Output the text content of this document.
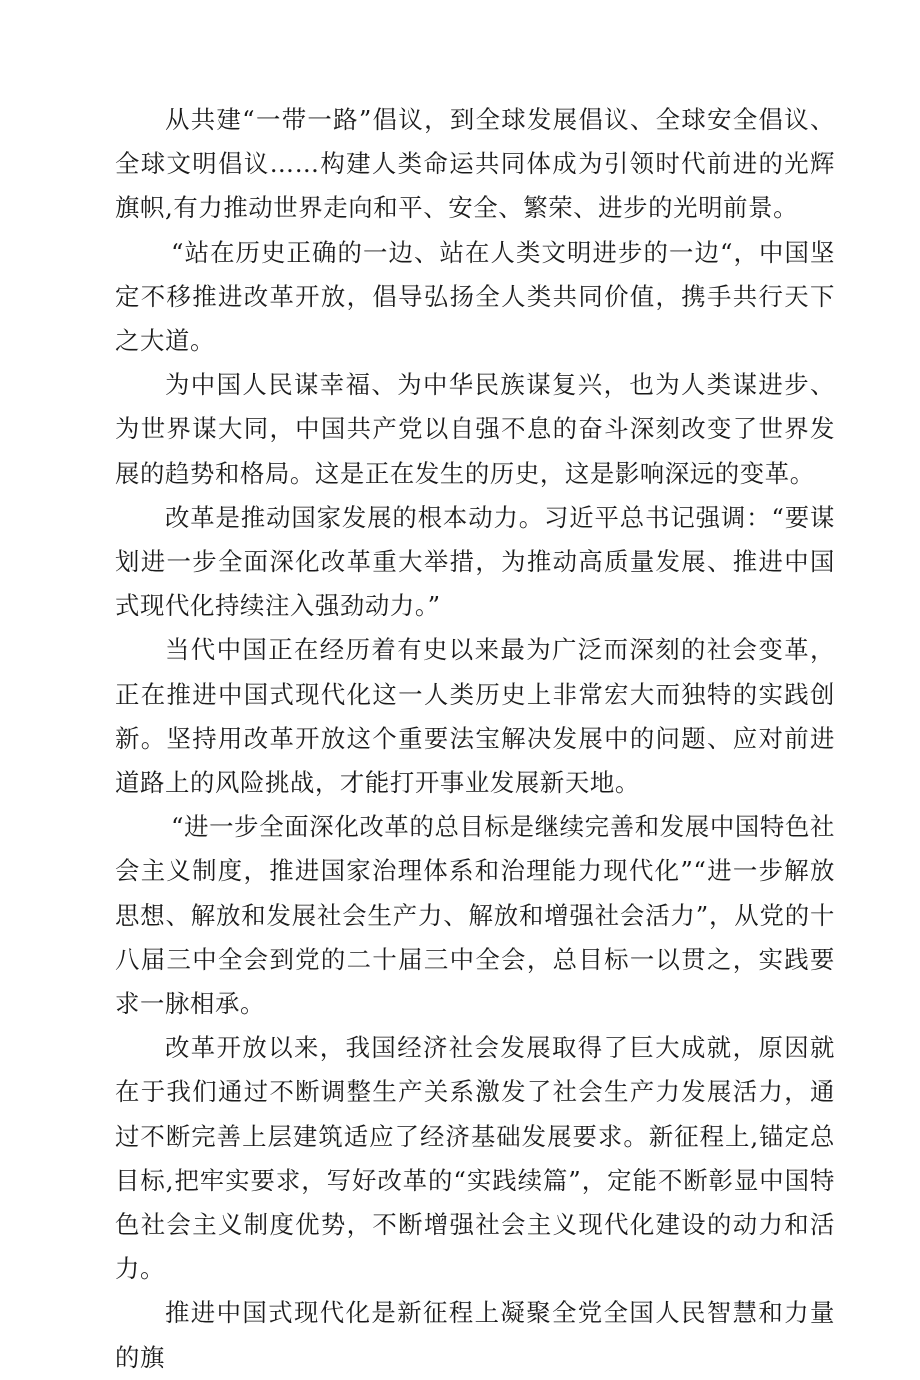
从共建“一带一路”倡议，到全球发展倡议、全球安全倡议、全球文明倡议……构建人类命运共同体成为引领时代前进的光辉旗帜,有力推动世界走向和平、安全、繁荣、进步的光明前景。

“站在历史正确的一边、站在人类文明进步的一边“，中国坚定不移推进改革开放，倡导弘扬全人类共同价值，携手共行天下之大道。

为中国人民谋幸福、为中华民族谋复兴，也为人类谋进步、为世界谋大同，中国共产党以自强不息的奋斗深刻改变了世界发展的趋势和格局。这是正在发生的历史，这是影响深远的变革。

改革是推动国家发展的根本动力。习近平总书记强调：“要谋划进一步全面深化改革重大举措，为推动高质量发展、推进中国式现代化持续注入强劲动力。”

当代中国正在经历着有史以来最为广泛而深刻的社会变革，正在推进中国式现代化这一人类历史上非常宏大而独特的实践创新。坚持用改革开放这个重要法宝解决发展中的问题、应对前进道路上的风险挑战，才能打开事业发展新天地。

“进一步全面深化改革的总目标是继续完善和发展中国特色社会主义制度，推进国家治理体系和治理能力现代化”“进一步解放思想、解放和发展社会生产力、解放和增强社会活力”，从党的十八届三中全会到党的二十届三中全会，总目标一以贯之，实践要求一脉相承。

改革开放以来，我国经济社会发展取得了巨大成就，原因就在于我们通过不断调整生产关系激发了社会生产力发展活力，通过不断完善上层建筑适应了经济基础发展要求。新征程上,锚定总目标,把牢实要求，写好改革的“实践续篇”，定能不断彰显中国特色社会主义制度优势，不断增强社会主义现代化建设的动力和活力。

推进中国式现代化是新征程上凝聚全党全国人民智慧和力量的旗
